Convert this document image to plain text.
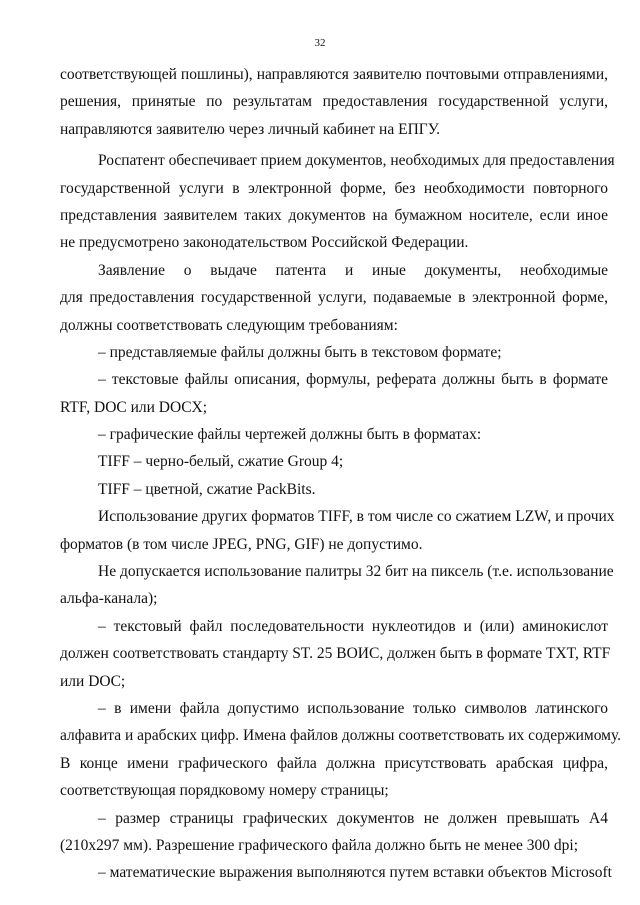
32
соответствующей пошлины), направляются заявителю почтовыми отправлениями,
решения, принятые по результатам предоставления государственной услуги,
направляются заявителю через личный кабинет на ЕПГУ.
Роспатент обеспечивает прием документов, необходимых для предоставления
государственной услуги в электронной форме, без необходимости повторного
представления заявителем таких документов на бумажном носителе, если иное
не предусмотрено законодательством Российской Федерации.
Заявление о выдаче патента и иные документы, необходимые
для предоставления государственной услуги, подаваемые в электронной форме,
должны соответствовать следующим требованиям:
– представляемые файлы должны быть в текстовом формате;
– текстовые файлы описания, формулы, реферата должны быть в формате
RTF, DOC или DOCX;
– графические файлы чертежей должны быть в форматах:
TIFF – черно-белый, сжатие Group 4;
TIFF – цветной, сжатие PackBits.
Использование других форматов TIFF, в том числе со сжатием LZW, и прочих
форматов (в том числе JPEG, PNG, GIF) не допустимо.
Не допускается использование палитры 32 бит на пиксель (т.е. использование
альфа-канала);
– текстовый файл последовательности нуклеотидов и (или) аминокислот
должен соответствовать стандарту ST. 25 ВОИС, должен быть в формате TXT, RTF
или DOC;
– в имени файла допустимо использование только символов латинского
алфавита и арабских цифр. Имена файлов должны соответствовать их содержимому.
В конце имени графического файла должна присутствовать арабская цифра,
соответствующая порядковому номеру страницы;
– размер страницы графических документов не должен превышать А4
(210х297 мм). Разрешение графического файла должно быть не менее 300 dpi;
– математические выражения выполняются путем вставки объектов Microsoft
